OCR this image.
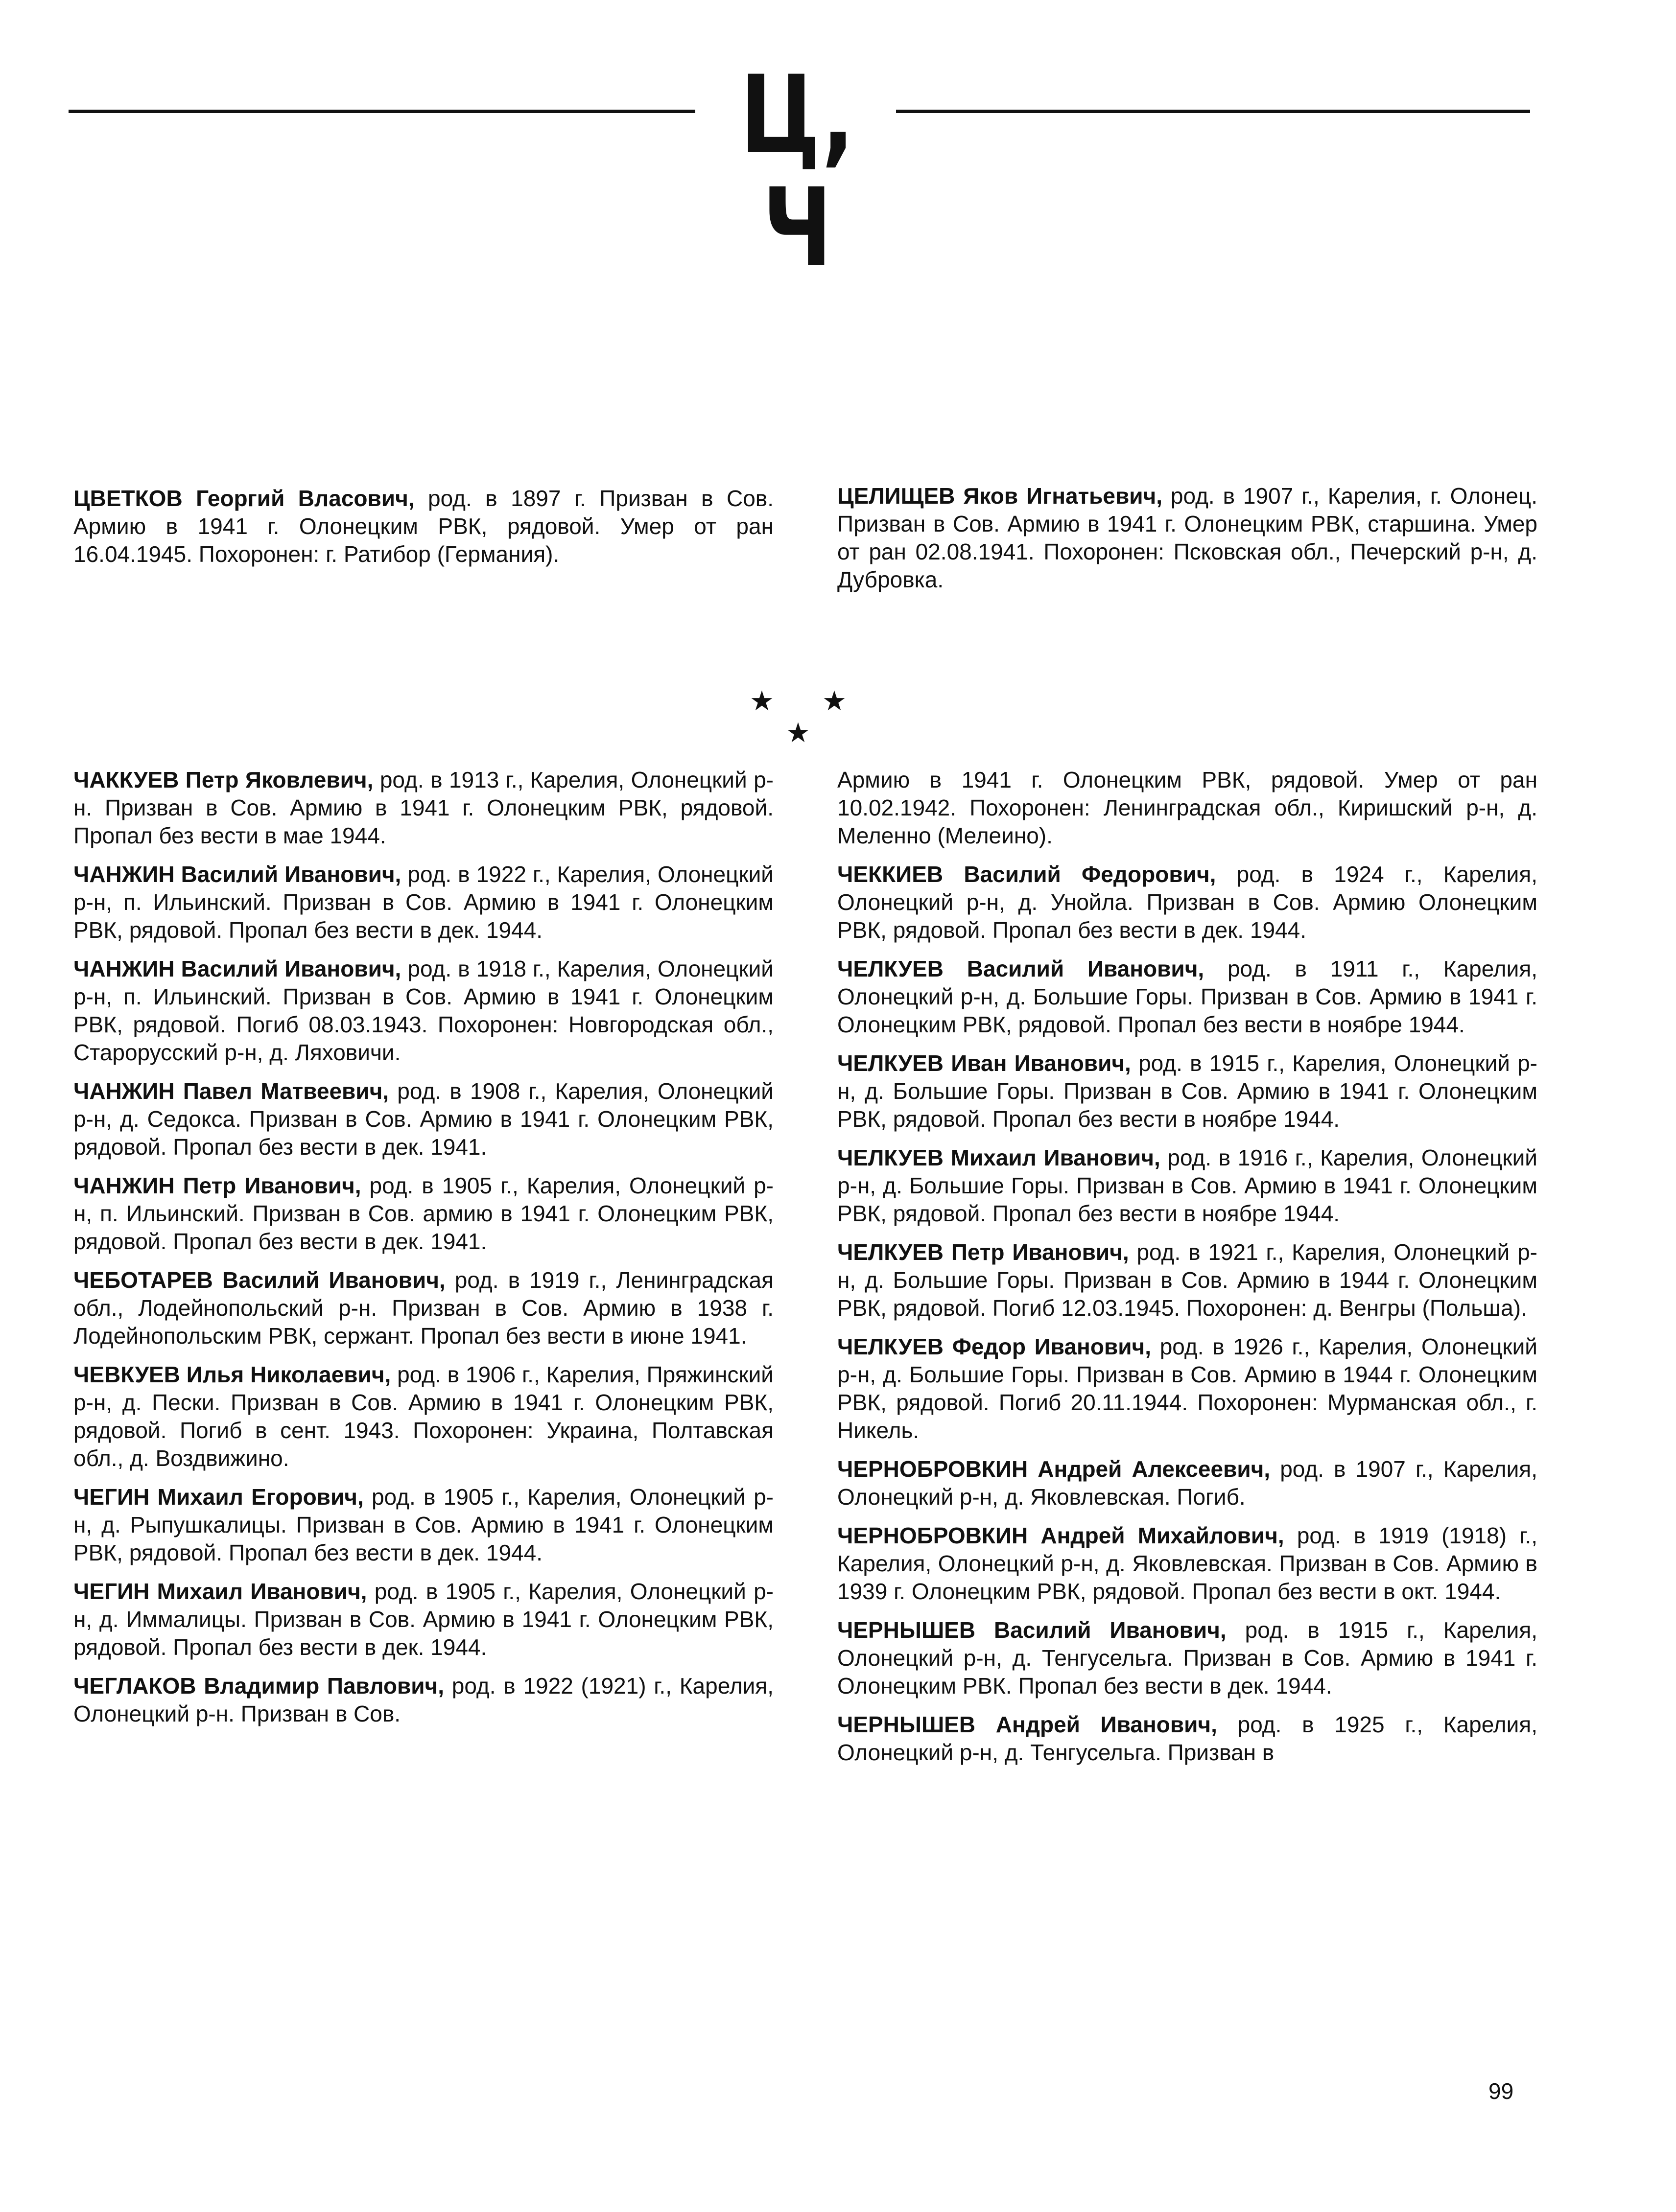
Ц, Ч

ЦВЕТКОВ Георгий Власович, род. в 1897 г. Призван в Сов. Армию в 1941 г. Олонецким РВК, рядовой. Умер от ран 16.04.1945. Похоронен: г. Ратибор (Германия).

ЦЕЛИЩЕВ Яков Игнатьевич, род. в 1907 г., Карелия, г. Олонец. Призван в Сов. Армию в 1941 г. Олонецким РВК, старшина. Умер от ран 02.08.1941. Похоронен: Псковская обл., Печерский р-н, д. Дубровка.

★ ★ ★

ЧАККУЕВ Петр Яковлевич, род. в 1913 г., Карелия, Олонецкий р-н. Призван в Сов. Армию в 1941 г. Олонецким РВК, рядовой. Пропал без вести в мае 1944.

ЧАНЖИН Василий Иванович, род. в 1922 г., Карелия, Олонецкий р-н, п. Ильинский. Призван в Сов. Армию в 1941 г. Олонецким РВК, рядовой. Пропал без вести в дек. 1944.

ЧАНЖИН Василий Иванович, род. в 1918 г., Карелия, Олонецкий р-н, п. Ильинский. Призван в Сов. Армию в 1941 г. Олонецким РВК, рядовой. Погиб 08.03.1943. Похоронен: Новгородская обл., Старорусский р-н, д. Ляховичи.

ЧАНЖИН Павел Матвеевич, род. в 1908 г., Карелия, Олонецкий р-н, д. Седокса. Призван в Сов. Армию в 1941 г. Олонецким РВК, рядовой. Пропал без вести в дек. 1941.

ЧАНЖИН Петр Иванович, род. в 1905 г., Карелия, Олонецкий р-н, п. Ильинский. Призван в Сов. армию в 1941 г. Олонецким РВК, рядовой. Пропал без вести в дек. 1941.

ЧЕБОТАРЕВ Василий Иванович, род. в 1919 г., Ленинградская обл., Лодейнопольский р-н. Призван в Сов. Армию в 1938 г. Лодейнопольским РВК, сержант. Пропал без вести в июне 1941.

ЧЕВКУЕВ Илья Николаевич, род. в 1906 г., Карелия, Пряжинский р-н, д. Пески. Призван в Сов. Армию в 1941 г. Олонецким РВК, рядовой. Погиб в сент. 1943. Похоронен: Украина, Полтавская обл., д. Воздвижино.

ЧЕГИН Михаил Егорович, род. в 1905 г., Карелия, Олонецкий р-н, д. Рыпушкалицы. Призван в Сов. Армию в 1941 г. Олонецким РВК, рядовой. Пропал без вести в дек. 1944.

ЧЕГИН Михаил Иванович, род. в 1905 г., Карелия, Олонецкий р-н, д. Иммалицы. Призван в Сов. Армию в 1941 г. Олонецким РВК, рядовой. Пропал без вести в дек. 1944.

ЧЕГЛАКОВ Владимир Павлович, род. в 1922 (1921) г., Карелия, Олонецкий р-н. Призван в Сов.

Армию в 1941 г. Олонецким РВК, рядовой. Умер от ран 10.02.1942. Похоронен: Ленинградская обл., Киришский р-н, д. Меленно (Мелеино).

ЧЕККИЕВ Василий Федорович, род. в 1924 г., Карелия, Олонецкий р-н, д. Унойла. Призван в Сов. Армию Олонецким РВК, рядовой. Пропал без вести в дек. 1944.

ЧЕЛКУЕВ Василий Иванович, род. в 1911 г., Карелия, Олонецкий р-н, д. Большие Горы. Призван в Сов. Армию в 1941 г. Олонецким РВК, рядовой. Пропал без вести в ноябре 1944.

ЧЕЛКУЕВ Иван Иванович, род. в 1915 г., Карелия, Олонецкий р-н, д. Большие Горы. Призван в Сов. Армию в 1941 г. Олонецким РВК, рядовой. Пропал без вести в ноябре 1944.

ЧЕЛКУЕВ Михаил Иванович, род. в 1916 г., Карелия, Олонецкий р-н, д. Большие Горы. Призван в Сов. Армию в 1941 г. Олонецким РВК, рядовой. Пропал без вести в ноябре 1944.

ЧЕЛКУЕВ Петр Иванович, род. в 1921 г., Карелия, Олонецкий р-н, д. Большие Горы. Призван в Сов. Армию в 1944 г. Олонецким РВК, рядовой. Погиб 12.03.1945. Похоронен: д. Венгры (Польша).

ЧЕЛКУЕВ Федор Иванович, род. в 1926 г., Карелия, Олонецкий р-н, д. Большие Горы. Призван в Сов. Армию в 1944 г. Олонецким РВК, рядовой. Погиб 20.11.1944. Похоронен: Мурманская обл., г. Никель.

ЧЕРНОБРОВКИН Андрей Алексеевич, род. в 1907 г., Карелия, Олонецкий р-н, д. Яковлевская. Погиб.

ЧЕРНОБРОВКИН Андрей Михайлович, род. в 1919 (1918) г., Карелия, Олонецкий р-н, д. Яковлевская. Призван в Сов. Армию в 1939 г. Олонецким РВК, рядовой. Пропал без вести в окт. 1944.

ЧЕРНЫШЕВ Василий Иванович, род. в 1915 г., Карелия, Олонецкий р-н, д. Тенгусельга. Призван в Сов. Армию в 1941 г. Олонецким РВК. Пропал без вести в дек. 1944.

ЧЕРНЫШЕВ Андрей Иванович, род. в 1925 г., Карелия, Олонецкий р-н, д. Тенгусельга. Призван в

99
